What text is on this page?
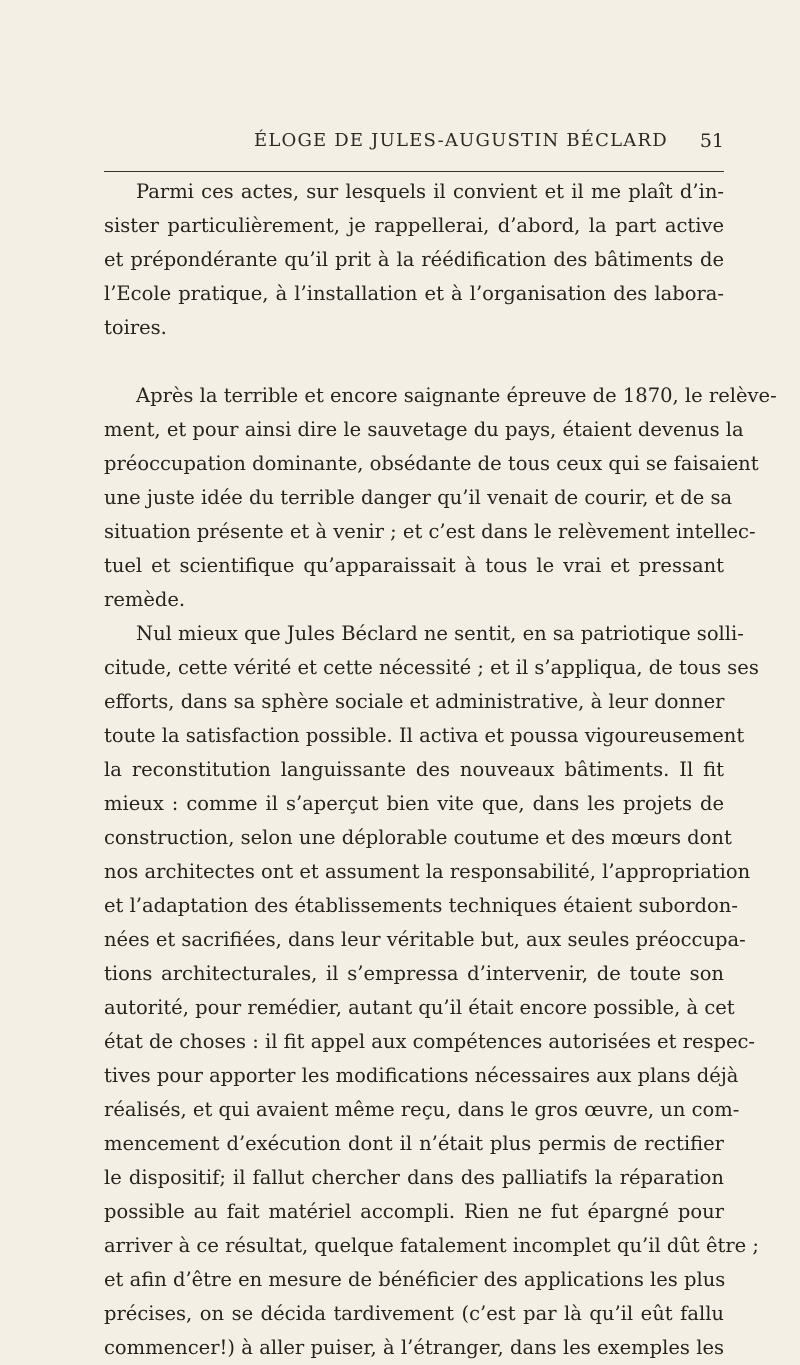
ÉLOGE DE JULES-AUGUSTIN BÉCLARD 51
Parmi ces actes, sur lesquels il convient et il me plaît d’in-
sister particulièrement, je rappellerai, d’abord, la part active
et prépondérante qu’il prit à la réédification des bâtiments de
l’Ecole pratique, à l’installation et à l’organisation des labora-
toires.
Après la terrible et encore saignante épreuve de 1870, le relève-
ment, et pour ainsi dire le sauvetage du pays, étaient devenus la
préoccupation dominante, obsédante de tous ceux qui se faisaient
une juste idée du terrible danger qu’il venait de courir, et de sa
situation présente et à venir ; et c’est dans le relèvement intellec-
tuel et scientifique qu’apparaissait à tous le vrai et pressant
remède.
Nul mieux que Jules Béclard ne sentit, en sa patriotique solli-
citude, cette vérité et cette nécessité ; et il s’appliqua, de tous ses
efforts, dans sa sphère sociale et administrative, à leur donner
toute la satisfaction possible. Il activa et poussa vigoureusement
la reconstitution languissante des nouveaux bâtiments. Il fit
mieux : comme il s’aperçut bien vite que, dans les projets de
construction, selon une déplorable coutume et des mœurs dont
nos architectes ont et assument la responsabilité, l’appropriation
et l’adaptation des établissements techniques étaient subordon-
nées et sacrifiées, dans leur véritable but, aux seules préoccupa-
tions architecturales, il s’empressa d’intervenir, de toute son
autorité, pour remédier, autant qu’il était encore possible, à cet
état de choses : il fit appel aux compétences autorisées et respec-
tives pour apporter les modifications nécessaires aux plans déjà
réalisés, et qui avaient même reçu, dans le gros œuvre, un com-
mencement d’exécution dont il n’était plus permis de rectifier
le dispositif; il fallut chercher dans des palliatifs la réparation
possible au fait matériel accompli. Rien ne fut épargné pour
arriver à ce résultat, quelque fatalement incomplet qu’il dût être ;
et afin d’être en mesure de bénéficier des applications les plus
précises, on se décida tardivement (c’est par là qu’il eût fallu
commencer!) à aller puiser, à l’étranger, dans les exemples les
